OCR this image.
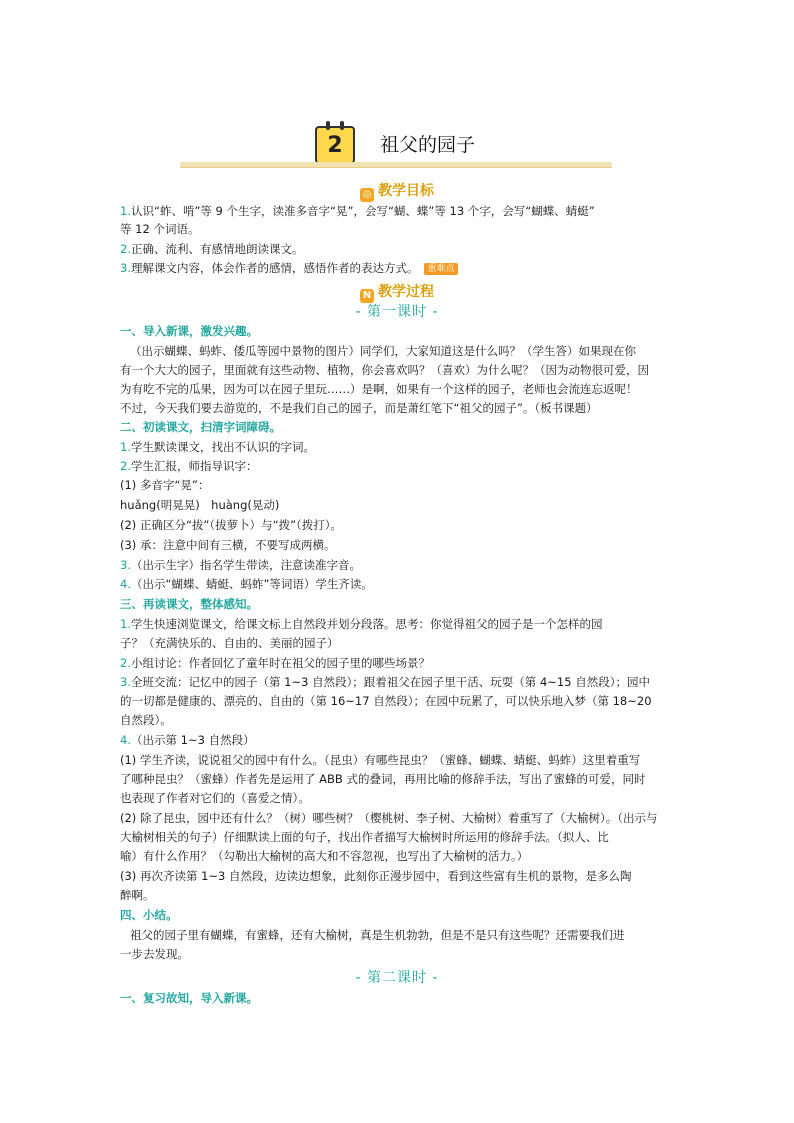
2	祖父的园子
◎ 教学目标
1.认识“蚱、啃”等 9 个生字，读准多音字“晃”，会写“蝴、蝶”等 13 个字，会写“蝴蝶、蜻蜓”
等 12 个词语。
2.正确、流利、有感情地朗读课文。
3.理解课文内容，体会作者的感情，感悟作者的表达方式。 重难点
N 教学过程
- 第一课时 -
一、导入新课，激发兴趣。
（出示蝴蝶、蚂蚱、倭瓜等园中景物的图片）同学们，大家知道这是什么吗？（学生答）如果现在你
有一个大大的园子，里面就有这些动物、植物，你会喜欢吗？（喜欢）为什么呢？（因为动物很可爱，因
为有吃不完的瓜果，因为可以在园子里玩……）是啊，如果有一个这样的园子，老师也会流连忘返呢！
不过，今天我们要去游览的，不是我们自己的园子，而是萧红笔下“祖父的园子”。（板书课题）
二、初读课文，扫清字词障碍。
1.学生默读课文，找出不认识的字词。
2.学生汇报，师指导识字：
(1) 多音字“晃”：
huǎng(明晃晃)　huàng(晃动)
(2) 正确区分“拔”（拔萝卜）与“拨”（拨打）。
(3) 承：注意中间有三横，不要写成两横。
3.（出示生字）指名学生带读，注意读准字音。
4.（出示“蝴蝶、蜻蜓、蚂蚱”等词语）学生齐读。
三、再读课文，整体感知。
1.学生快速浏览课文，给课文标上自然段并划分段落。思考：你觉得祖父的园子是一个怎样的园
子？（充满快乐的、自由的、美丽的园子）
2.小组讨论：作者回忆了童年时在祖父的园子里的哪些场景？
3.全班交流：记忆中的园子（第 1~3 自然段）；跟着祖父在园子里干活、玩耍（第 4~15 自然段）；园中
的一切都是健康的、漂亮的、自由的（第 16~17 自然段）；在园中玩累了，可以快乐地入梦（第 18~20
自然段）。
4.（出示第 1~3 自然段）
(1) 学生齐读，说说祖父的园中有什么。（昆虫）有哪些昆虫？（蜜蜂、蝴蝶、蜻蜓、蚂蚱）这里着重写
了哪种昆虫？（蜜蜂）作者先是运用了 ABB 式的叠词，再用比喻的修辞手法，写出了蜜蜂的可爱，同时
也表现了作者对它们的（喜爱之情）。
(2) 除了昆虫，园中还有什么？（树）哪些树？（樱桃树、李子树、大榆树）着重写了（大榆树）。（出示与
大榆树相关的句子）仔细默读上面的句子，找出作者描写大榆树时所运用的修辞手法。（拟人、比
喻）有什么作用？（勾勒出大榆树的高大和不容忽视，也写出了大榆树的活力。）
(3) 再次齐读第 1~3 自然段，边读边想象，此刻你正漫步园中，看到这些富有生机的景物，是多么陶
醉啊。
四、小结。
祖父的园子里有蝴蝶，有蜜蜂，还有大榆树，真是生机勃勃，但是不是只有这些呢？还需要我们进
一步去发现。
- 第二课时 -
一、复习故知，导入新课。
